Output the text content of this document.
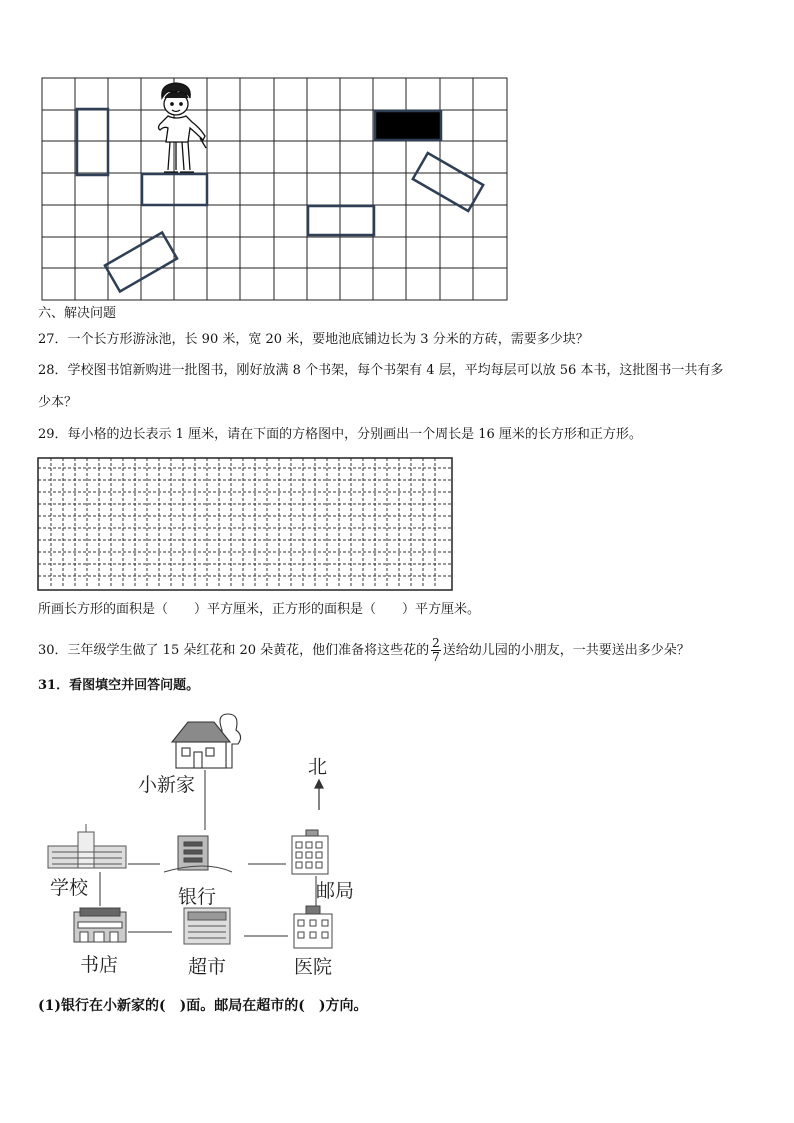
六、解决问题
27．一个长方形游泳池，长 90 米，宽 20 米，要地池底铺边长为 3 分米的方砖，需要多少块？
28．学校图书馆新购进一批图书，刚好放满 8 个书架，每个书架有 4 层，平均每层可以放 56 本书，这批图书一共有多
少本？
29．每小格的边长表示 1 厘米，请在下面的方格图中，分别画出一个周长是 16 厘米的长方形和正方形。
所画长方形的面积是（　　）平方厘米，正方形的面积是（　　）平方厘米。
30．三年级学生做了 15 朵红花和 20 朵黄花，他们准备将这些花的 $\frac{2}{7}$ 送给幼儿园的小朋友，一共要送出多少朵？
31．看图填空并回答问题。
小新家
北
学校	银行	邮局
书店	超市	医院
(1)银行在小新家的(　)面。邮局在超市的(　)方向。
